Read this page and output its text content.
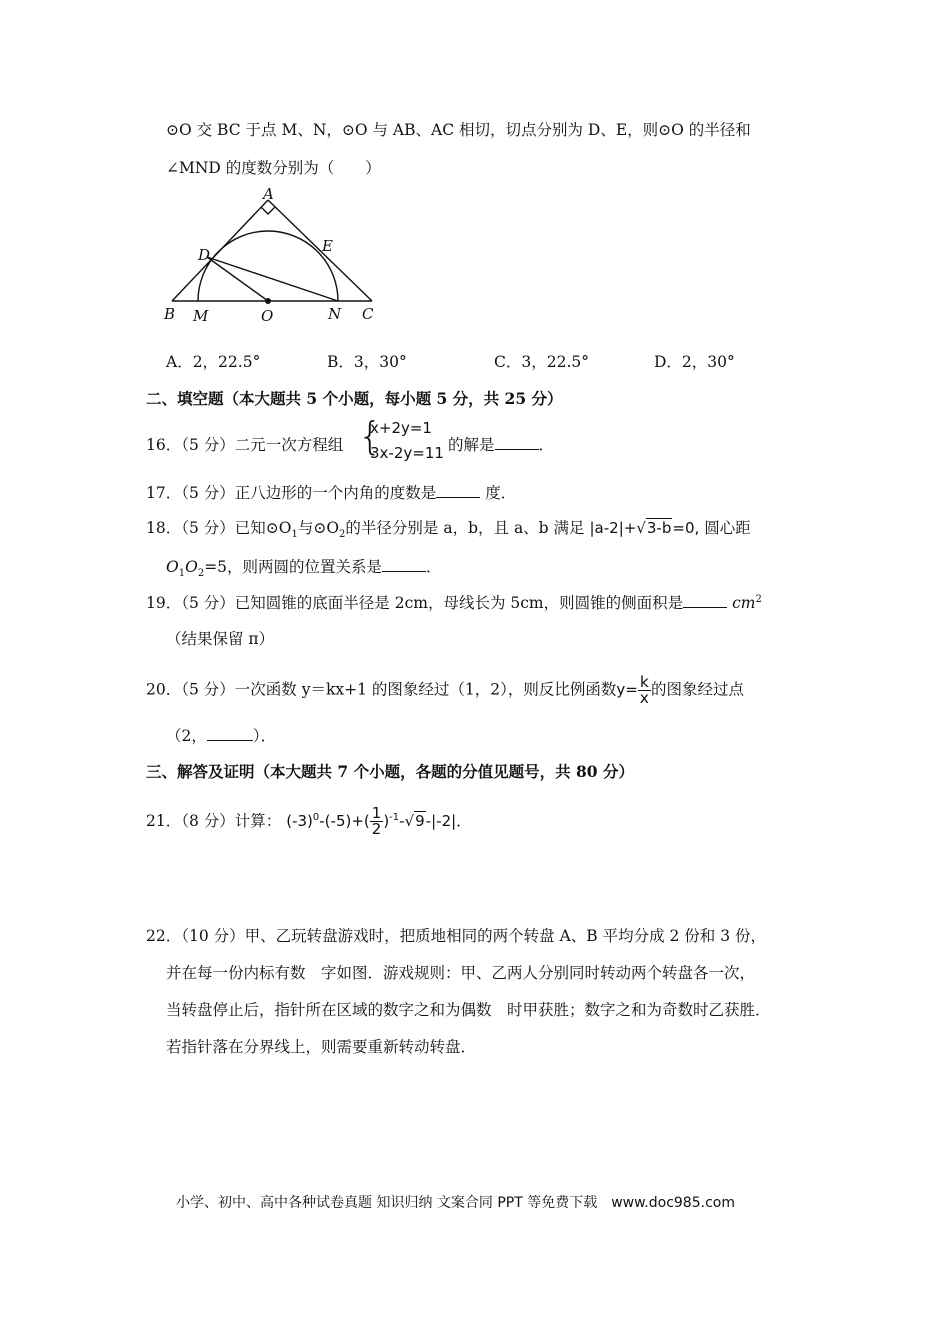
⊙O 交 BC 于点 M、N，⊙O 与 AB、AC 相切，切点分别为 D、E，则⊙O 的半径和
∠MND 的度数分别为（　　）
A
B	C
D	E
M	N
O
A．2，22.5°	B．3，30°	C．3，22.5°	D．2，30°
二、填空题（本大题共 5 个小题，每小题 5 分，共 25 分）
16．（5 分）二元一次方程组 {
x+2y=1
3x-2y=11 的解是	．
17．（5 分）正八边形的一个内角的度数是	度．
18．（5 分）已知$⊙O_1$与$⊙O_2$的半径分别是 a，b，且 a、b 满足 |a-2|+√3-b=0, 圆心距
$O_1O_2=5$，则两圆的位置关系是	．
19．（5 分）已知圆锥的底面半径是 2cm，母线长为 5cm，则圆锥的侧面积是	$cm^2$
（结果保留 π）
20．（5 分）一次函数 y＝kx+1 的图象经过（1，2），则反比例函数$y= \frac{k}{x}$ 的图象经过点
（2，	）．
三、解答及证明（本大题共 7 个小题，各题的分值见题号，共 80 分）
21．（8 分）计算： $(-3)^0-(-5)+( \frac{1}{2} )^{-1}-√9-|-2|$．
22．（10 分）甲、乙玩转盘游戏时，把质地相同的两个转盘 A、B 平均分成 2 份和 3 份，
并在每一份内标有数　字如图．游戏规则：甲、乙两人分别同时转动两个转盘各一次，
当转盘停止后，指针所在区域的数字之和为偶数　时甲获胜；数字之和为奇数时乙获胜．
若指针落在分界线上，则需要重新转动转盘．
小学、初中、高中各种试卷真题 知识归纳 文案合同 PPT 等免费下载　www.doc985.com
